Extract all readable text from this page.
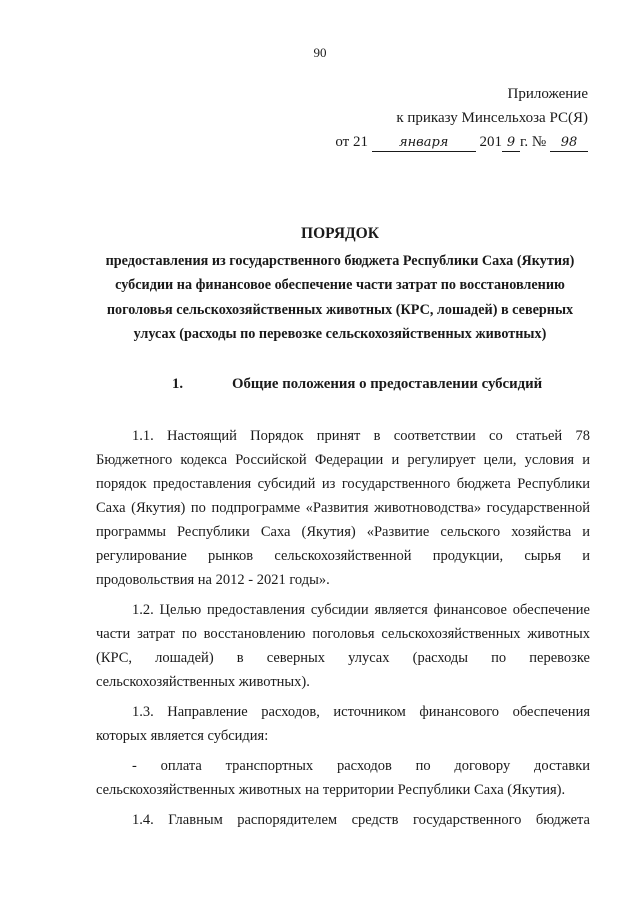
90
Приложение
к приказу Минсельхоза РС(Я)
от 21 января 201 9 г. № 98
ПОРЯДОК
предоставления из государственного бюджета Республики Саха (Якутия)
субсидии на финансовое обеспечение части затрат по восстановлению
поголовья сельскохозяйственных животных (КРС, лошадей) в северных
улусах (расходы по перевозке сельскохозяйственных животных)
1.	Общие положения о предоставлении субсидий

1.1. Настоящий Порядок принят в соответствии со статьей 78 Бюджетного кодекса Российской Федерации и регулирует цели, условия и порядок предоставления субсидий из государственного бюджета Республики Саха (Якутия) по подпрограмме «Развития животноводства» государственной программы Республики Саха (Якутия) «Развитие сельского хозяйства и регулирование рынков сельскохозяйственной продукции, сырья и продовольствия на 2012 - 2021 годы».

1.2. Целью предоставления субсидии является финансовое обеспечение части затрат по восстановлению поголовья сельскохозяйственных животных (КРС, лошадей) в северных улусах (расходы по перевозке сельскохозяйственных животных).

1.3. Направление расходов, источником финансового обеспечения которых является субсидия:

- оплата транспортных расходов по договору доставки сельскохозяйственных животных на территории Республики Саха (Якутия).

1.4. Главным распорядителем средств государственного бюджета
